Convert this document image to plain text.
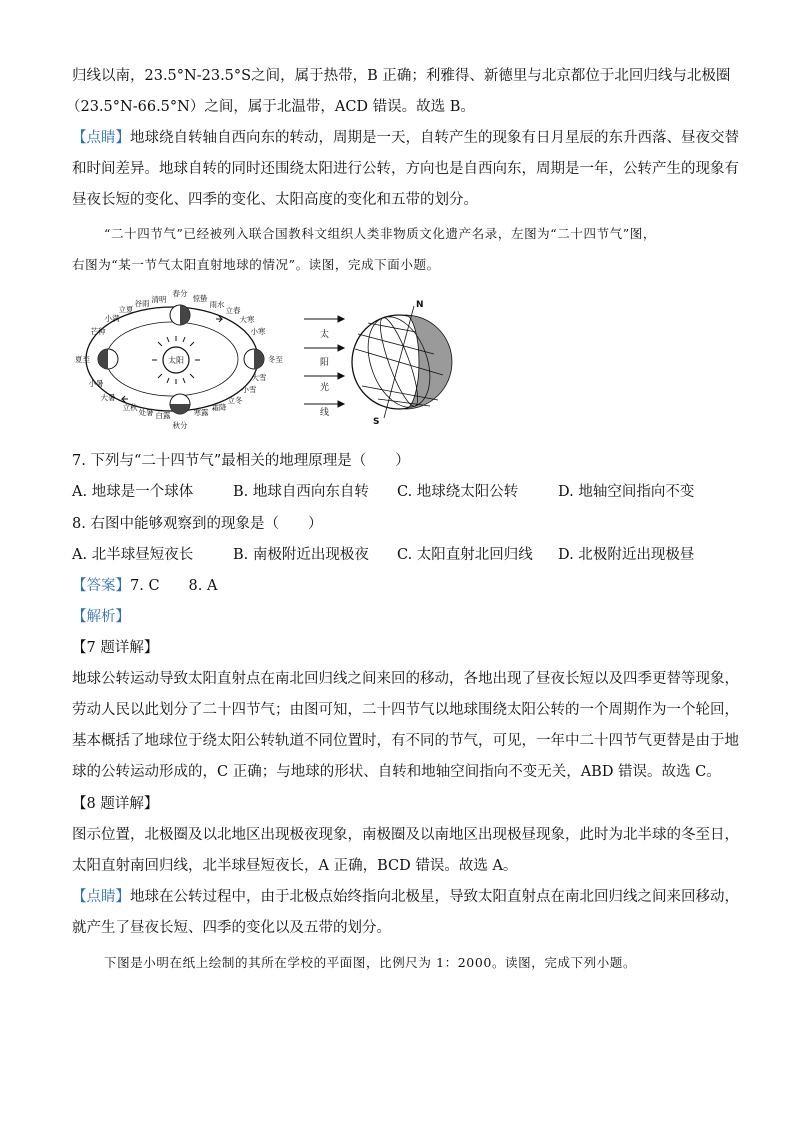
归线以南，23.5°N-23.5°S之间，属于热带，B 正确；利雅得、新德里与北京都位于北回归线与北极圈
（23.5°N-66.5°N）之间，属于北温带，ACD 错误。故选 B。
【点睛】地球绕自转轴自西向东的转动，周期是一天，自转产生的现象有日月星辰的东升西落、昼夜交替
和时间差异。地球自转的同时还围绕太阳进行公转，方向也是自西向东，周期是一年，公转产生的现象有
昼夜长短的变化、四季的变化、太阳高度的变化和五带的划分。
“二十四节气”已经被列入联合国教科文组织人类非物质文化遗产名录，左图为“二十四节气”图，
右图为“某一节气太阳直射地球的情况”。读图，完成下面小题。
太阳
春分
清明
谷雨
立夏
小满
芒种
夏至
小暑
大暑
立秋
处暑 白露
秋分
寒露
霜降
立冬
小雪
大雪
冬至
小寒
大寒
立春
雨水
惊蛰
太
阳
光
线
N
S
7. 下列与“二十四节气”最相关的地理原理是（　　）
A. 地球是一个球体	B. 地球自西向东自转 C. 地球绕太阳公转	D. 地轴空间指向不变
8. 右图中能够观察到的现象是（　　）
A. 北半球昼短夜长	B. 南极附近出现极夜 C. 太阳直射北回归线 D. 北极附近出现极昼
【答案】7. C　　8. A
【解析】
【7 题详解】
地球公转运动导致太阳直射点在南北回归线之间来回的移动，各地出现了昼夜长短以及四季更替等现象，
劳动人民以此划分了二十四节气；由图可知，二十四节气以地球围绕太阳公转的一个周期作为一个轮回，
基本概括了地球位于绕太阳公转轨道不同位置时，有不同的节气，可见，一年中二十四节气更替是由于地
球的公转运动形成的，C 正确；与地球的形状、自转和地轴空间指向不变无关，ABD 错误。故选 C。
【8 题详解】
图示位置，北极圈及以北地区出现极夜现象，南极圈及以南地区出现极昼现象，此时为北半球的冬至日，
太阳直射南回归线，北半球昼短夜长，A 正确，BCD 错误。故选 A。
【点睛】地球在公转过程中，由于北极点始终指向北极星，导致太阳直射点在南北回归线之间来回移动，
就产生了昼夜长短、四季的变化以及五带的划分。
下图是小明在纸上绘制的其所在学校的平面图，比例尺为 1：2000。读图，完成下列小题。
